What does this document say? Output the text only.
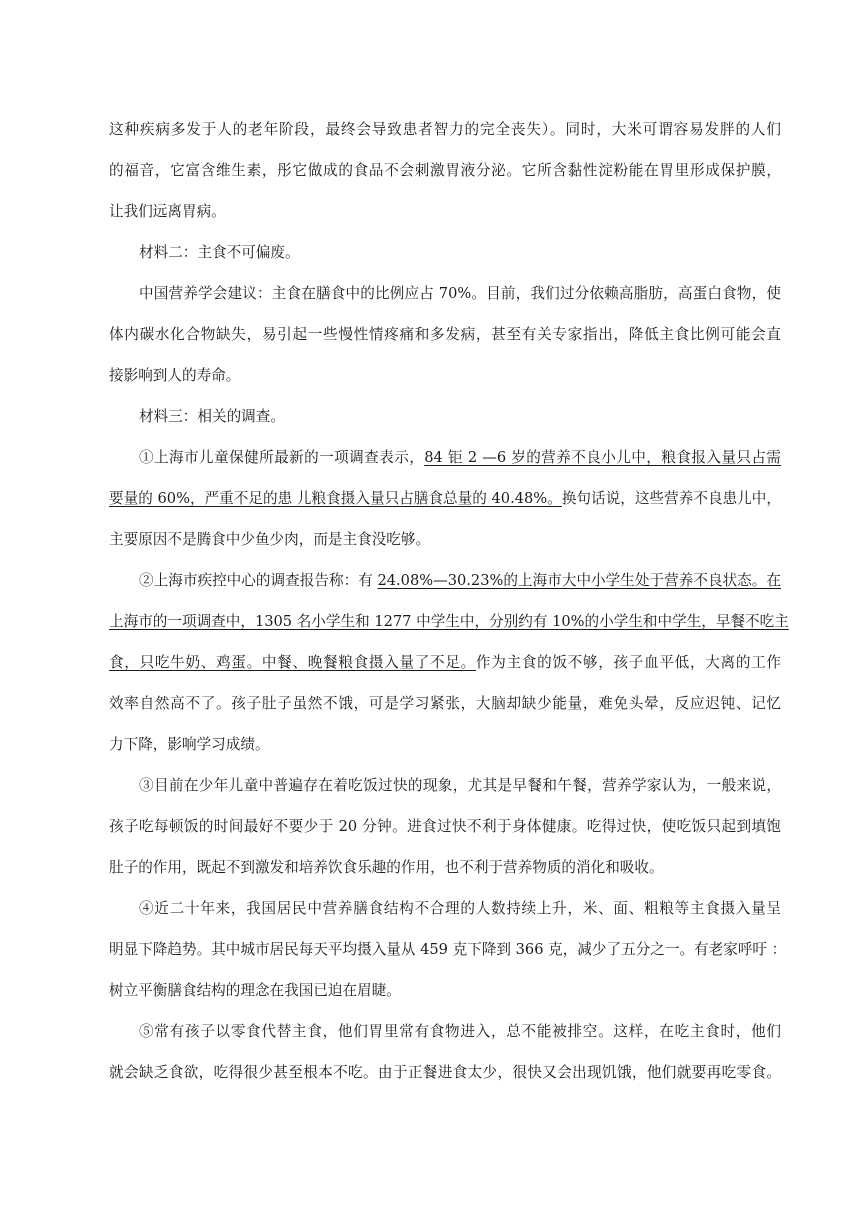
这种疾病多发于人的老年阶段，最终会导致患者智力的完全丧失）。同时，大米可谓容易发胖的人们
的福音，它富含维生素，彤它做成的食品不会刺激胃液分泌。它所含黏性淀粉能在胃里形成保护膜，
让我们远离胃病。
材料二：主食不可偏废。
中国营养学会建议：主食在膳食中的比例应占 70%。目前，我们过分依赖高脂肪，高蛋白食物，使
体内碳水化合物缺失，易引起一些慢性情疼痛和多发病，甚至有关专家指出，降低主食比例可能会直
接影响到人的寿命。
材料三：相关的调查。
①上海市儿童保健所最新的一项调查表示，84 钜 2 —6 岁的营养不良小儿中，粮食报入量只占需
要量的 60%，严重不足的患 儿粮食摄入量只占膳食总量的 40.48%。换句话说，这些营养不良患儿中，
主要原因不是腾食中少鱼少肉，而是主食没吃够。
②上海市疾控中心的调查报告称：有 24.08%—30.23%的上海市大中小学生处于营养不良状态。在
上海市的一项调查中，1305 名小学生和 1277 中学生中，分别约有 10%的小学生和中学生，早餐不吃主
食，只吃牛奶、鸡蛋。中餐、晚餐粮食摄入量了不足。作为主食的饭不够，孩子血平低，大离的工作
效率自然高不了。孩子肚子虽然不饿，可是学习紧张，大脑却缺少能量，难免头晕，反应迟钝、记忆
力下降，影响学习成绩。
③目前在少年儿童中普遍存在着吃饭过快的现象，尤其是早餐和午餐，营养学家认为，一般来说，
孩子吃每顿饭的时间最好不要少于 20 分钟。进食过快不利于身体健康。吃得过快，使吃饭只起到填饱
肚子的作用，既起不到激发和培养饮食乐趣的作用，也不利于营养物质的消化和吸收。
④近二十年来，我国居民中营养膳食结构不合理的人数持续上升，米、面、粗粮等主食摄入量呈
明显下降趋势。其中城市居民每天平均摄入量从 459 克下降到 366 克，减少了五分之一。有老家呼吁 ：
树立平衡膳食结构的理念在我国已迫在眉睫。
⑤常有孩子以零食代替主食，他们胃里常有食物进入，总不能被排空。这样，在吃主食时，他们
就会缺乏食欲，吃得很少甚至根本不吃。由于正餐进食太少，很快又会出现饥饿，他们就要再吃零食。
